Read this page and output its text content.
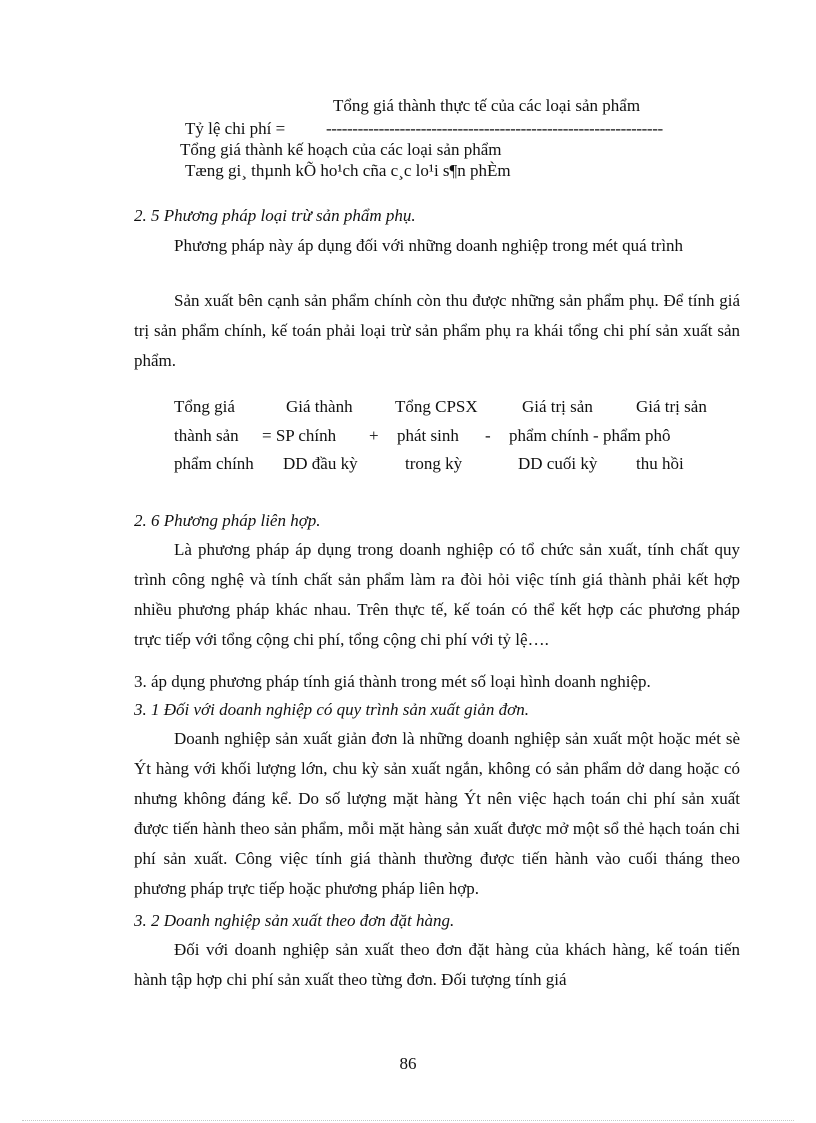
Tổng giá thành thực tế của các loại sản phẩm
Tỷ lệ chi phí = ----------------------------------------------------------------
Tổng giá thành kế hoạch của các loại sản phẩm
Tæng gi¸ thµnh kÕ ho¹ch cña c¸c lo¹i s¶n phÈm
2. 5 Phương pháp loại trừ sản phẩm phụ.
Phương pháp này áp dụng đối với những doanh nghiệp trong mét quá trình
Sản xuất bên cạnh sản phẩm chính còn thu được những sản phẩm phụ. Để tính giá trị sản phẩm chính, kế toán phải loại trừ sản phẩm phụ ra khái tổng chi phí sản xuất sản phẩm.
Tổng giá	Giá thành Tổng CPSX	Giá trị sản	Giá trị sản
thành sản = SP chính + phát sinh - phẩm chính - phẩm phô
phẩm chính DD đầu kỳ	trong kỳ	DD cuối kỳ thu hồi
2. 6 Phương pháp liên hợp.
Là phương pháp áp dụng trong doanh nghiệp có tổ chức sản xuất, tính chất quy trình công nghệ và tính chất sản phẩm làm ra đòi hỏi việc tính giá thành phải kết hợp nhiều phương pháp khác nhau. Trên thực tế, kế toán có thể kết hợp các phương pháp trực tiếp với tổng cộng chi phí, tổng cộng chi phí với tỷ lệ….
3. áp dụng phương pháp tính giá thành trong mét số loại hình doanh nghiệp.
3. 1 Đối với doanh nghiệp có quy trình sản xuất giản đơn.
Doanh nghiệp sản xuất giản đơn là những doanh nghiệp sản xuất một hoặc mét sè Ýt hàng với khối lượng lớn, chu kỳ sản xuất ngắn, không có sản phẩm dở dang hoặc có nhưng không đáng kể. Do số lượng mặt hàng Ýt nên việc hạch toán chi phí sản xuất được tiến hành theo sản phẩm, mỗi mặt hàng sản xuất được mở một sổ thẻ hạch toán chi phí sản xuất. Công việc tính giá thành thường được tiến hành vào cuối tháng theo phương pháp trực tiếp hoặc phương pháp liên hợp.
3. 2 Doanh nghiệp sản xuất theo đơn đặt hàng.
Đối với doanh nghiệp sản xuất theo đơn đặt hàng của khách hàng, kế toán tiến hành tập hợp chi phí sản xuất theo từng đơn. Đối tượng tính giá
86
